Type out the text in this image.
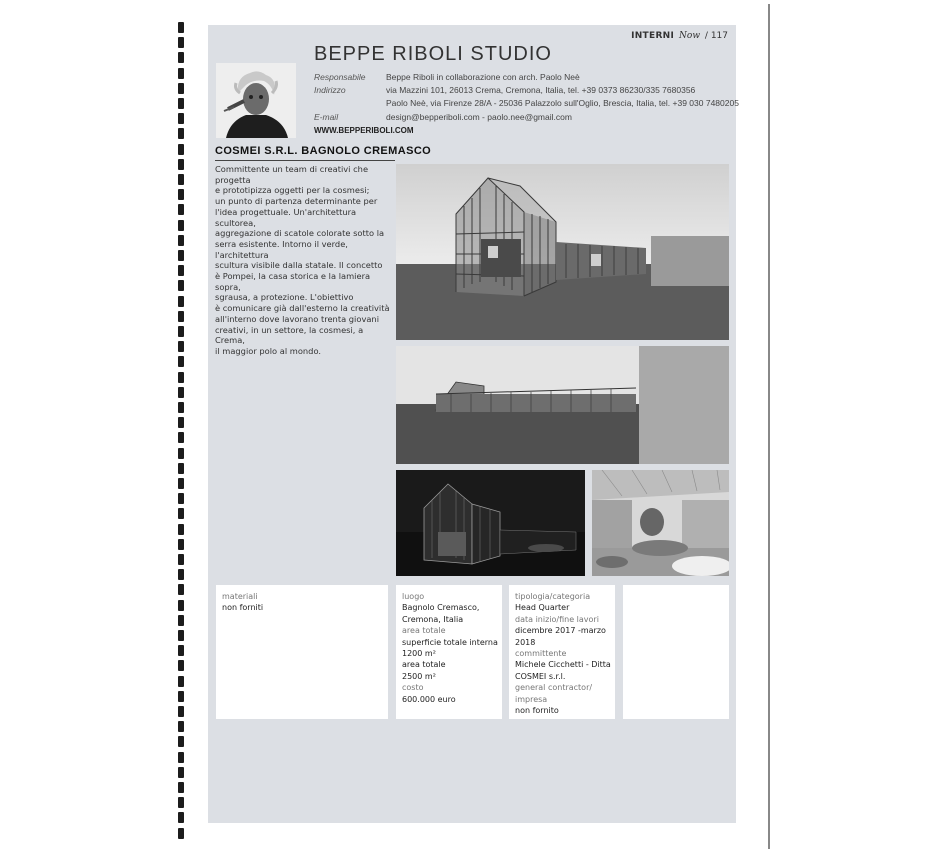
INTERNI Now / 117
BEPPE RIBOLI STUDIO
Responsabile Beppe Riboli in collaborazione con arch. Paolo Neè
Indirizzo	via Mazzini 101, 26013 Crema, Cremona, Italia, tel. +39 0373 86230/335 7680356
Paolo Neè, via Firenze 28/A - 25036 Palazzolo sull'Oglio, Brescia, Italia, tel. +39 030 7480205
E-mail	design@bepperiboli.com - paolo.nee@gmail.com
WWW.BEPPERIBOLI.COM
COSMEI S.R.L. BAGNOLO CREMASCO
Committente un team di creativi che progetta
e prototipizza oggetti per la cosmesi;
un punto di partenza determinante per
l'idea progettuale. Un'architettura scultorea,
aggregazione di scatole colorate sotto la
serra esistente. Intorno il verde, l'architettura
scultura visibile dalla statale. Il concetto
è Pompei, la casa storica e la lamiera sopra,
sgrausa, a protezione. L'obiettivo
è comunicare già dall'esterno la creatività
all'interno dove lavorano trenta giovani
creativi, in un settore, la cosmesi, a Crema,
il maggior polo al mondo.
materiali
non forniti
luogo
Bagnolo Cremasco,
Cremona, Italia
area totale
superficie totale interna
1200 m²
area totale
2500 m²
costo
600.000 euro
tipologia/categoria
Head Quarter
data inizio/fine lavori
dicembre 2017 -marzo
2018
committente
Michele Cicchetti - Ditta
COSMEI s.r.l.
general contractor/
impresa
non fornito
